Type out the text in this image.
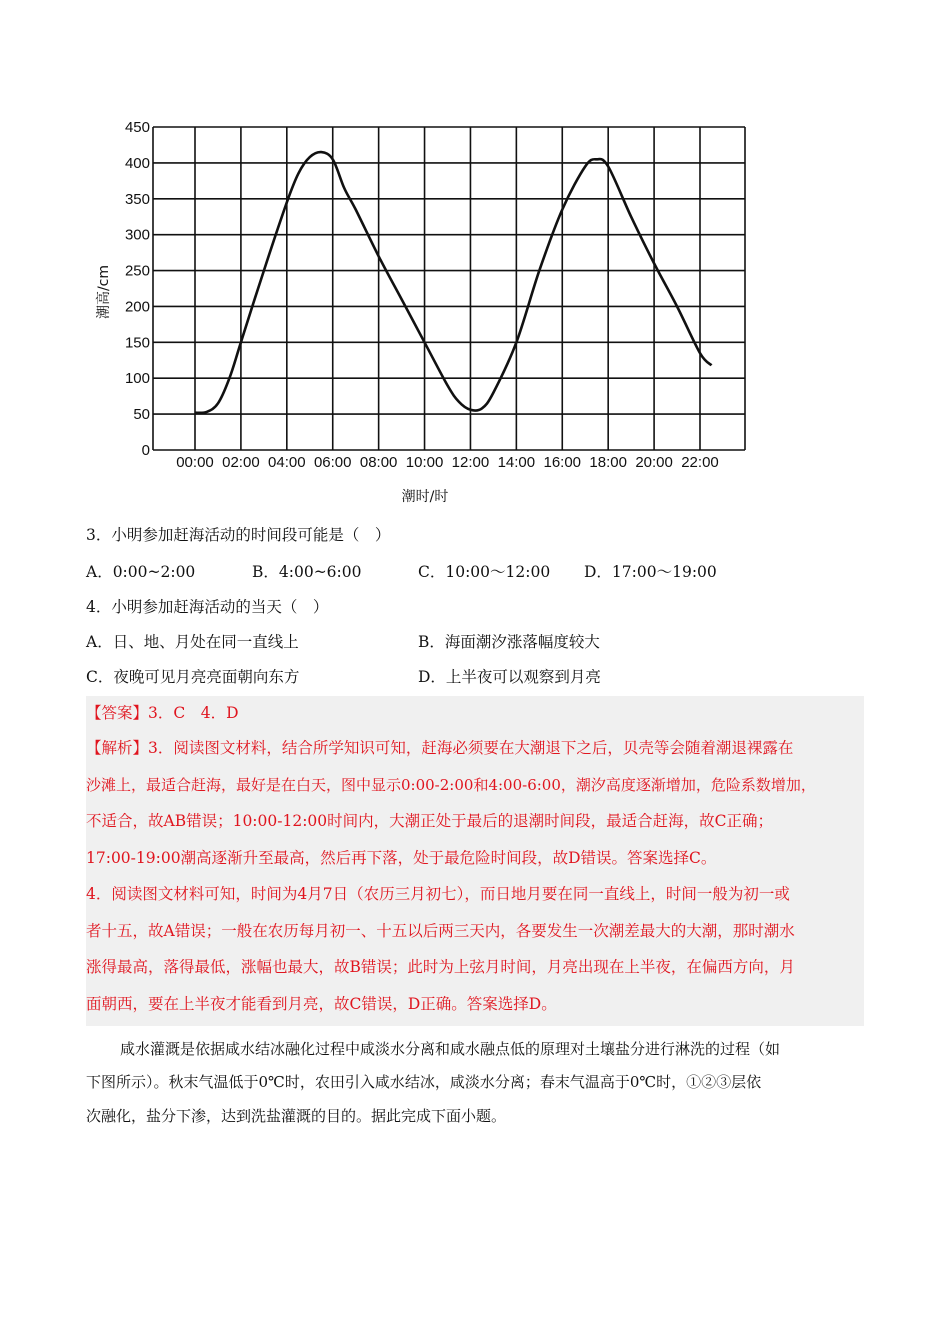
0
50
100
150
200
250
300
350
400
450
00:00 02:00 04:00 06:00 08:00 10:00 12:00 14:00 16:00 18:00 20:00 22:00
潮高/cm
潮时/时
3．小明参加赶海活动的时间段可能是（　）
A．0:00~2:00	B．4:00~6:00	C．10:00～12:00 D．17:00～19:00
4．小明参加赶海活动的当天（　）
A．日、地、月处在同一直线上	B．海面潮汐涨落幅度较大
C．夜晚可见月亮亮面朝向东方	D．上半夜可以观察到月亮
【答案】3．C　4．D
【解析】3．阅读图文材料，结合所学知识可知，赶海必须要在大潮退下之后，贝壳等会随着潮退裸露在
沙滩上，最适合赶海，最好是在白天，图中显示0:00-2:00和4:00-6:00，潮汐高度逐渐增加，危险系数增加，
不适合，故AB错误；10:00-12:00时间内，大潮正处于最后的退潮时间段，最适合赶海，故C正确；
17:00-19:00潮高逐渐升至最高，然后再下落，处于最危险时间段，故D错误。答案选择C。
4．阅读图文材料可知，时间为4月7日（农历三月初七），而日地月要在同一直线上，时间一般为初一或
者十五，故A错误；一般在农历每月初一、十五以后两三天内，各要发生一次潮差最大的大潮，那时潮水
涨得最高，落得最低，涨幅也最大，故B错误；此时为上弦月时间，月亮出现在上半夜，在偏西方向，月
面朝西，要在上半夜才能看到月亮，故C错误，D正确。答案选择D。
咸水灌溉是依据咸水结冰融化过程中咸淡水分离和咸水融点低的原理对土壤盐分进行淋洗的过程（如
下图所示）。秋末气温低于0℃时，农田引入咸水结冰，咸淡水分离；春末气温高于0℃时，①②③层依
次融化，盐分下渗，达到洗盐灌溉的目的。据此完成下面小题。
